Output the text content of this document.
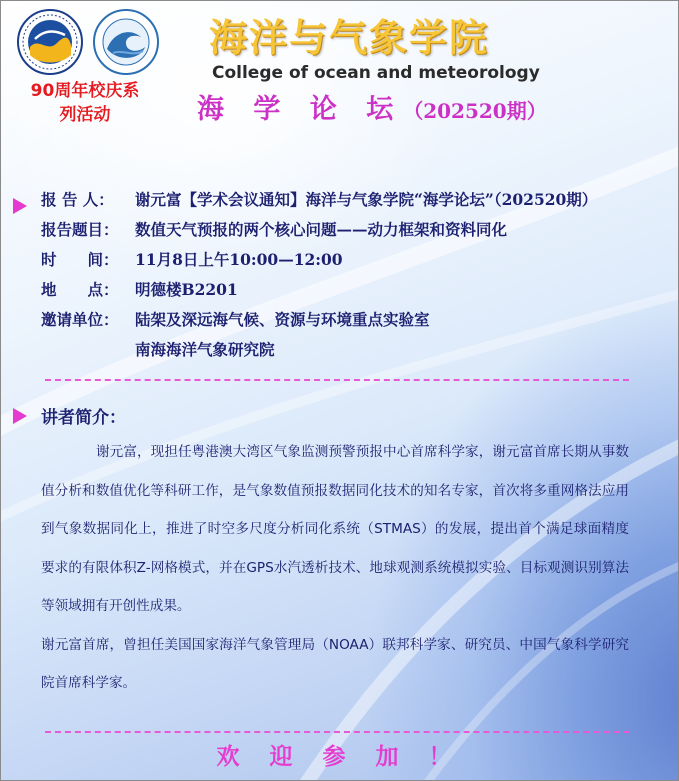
90周年校庆系
列活动
海洋与气象学院
College of ocean and meteorology
海 学 论 坛（202520期）
报 告 人： 谢元富【学术会议通知】海洋与气象学院“海学论坛”（202520期）
报告题目： 数值天气预报的两个核心问题——动力框架和资料同化
时　　间： 11月8日上午10:00—12:00
地　　点： 明德楼B2201
邀请单位： 陆架及深远海气候、资源与环境重点实验室
南海海洋气象研究院
讲者简介：

谢元富，现担任粤港澳大湾区气象监测预警预报中心首席科学家，谢元富首席长期从事数值分析和数值优化等科研工作，是气象数值预报数据同化技术的知名专家，首次将多重网格法应用到气象数据同化上，推进了时空多尺度分析同化系统（STMAS）的发展，提出首个满足球面精度要求的有限体积Z-网格模式，并在GPS水汽透析技术、地球观测系统模拟实验、目标观测识别算法等领域拥有开创性成果。

谢元富首席，曾担任美国国家海洋气象管理局（NOAA）联邦科学家、研究员、中国气象科学研究院首席科学家。

欢 迎 参 加 ！
